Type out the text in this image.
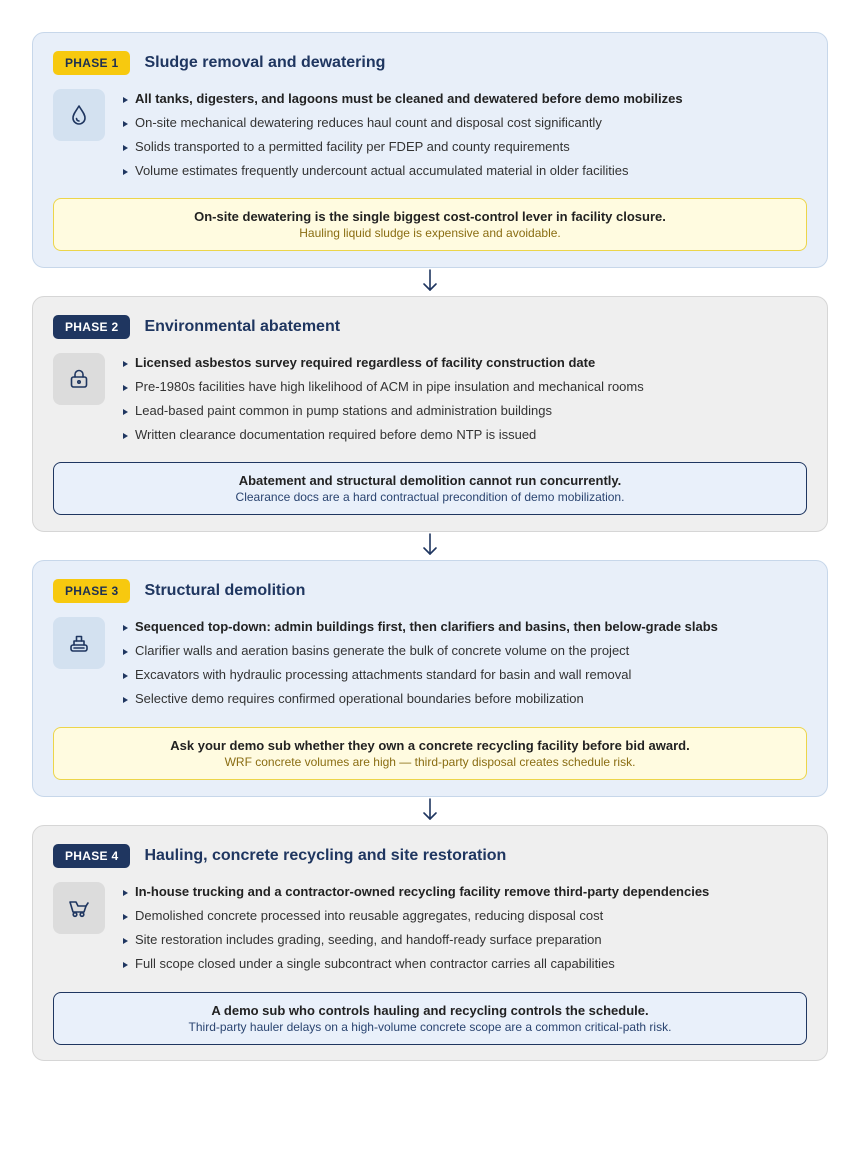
PHASE 1	Sludge removal and dewatering
All tanks, digesters, and lagoons must be cleaned and dewatered before demo mobilizes
On-site mechanical dewatering reduces haul count and disposal cost significantly
Solids transported to a permitted facility per FDEP and county requirements
Volume estimates frequently undercount actual accumulated material in older facilities
On-site dewatering is the single biggest cost-control lever in facility closure.
Hauling liquid sludge is expensive and avoidable.
PHASE 2	Environmental abatement
Licensed asbestos survey required regardless of facility construction date
Pre-1980s facilities have high likelihood of ACM in pipe insulation and mechanical rooms
Lead-based paint common in pump stations and administration buildings
Written clearance documentation required before demo NTP is issued
Abatement and structural demolition cannot run concurrently.
Clearance docs are a hard contractual precondition of demo mobilization.
PHASE 3	Structural demolition
Sequenced top-down: admin buildings first, then clarifiers and basins, then below-grade slabs
Clarifier walls and aeration basins generate the bulk of concrete volume on the project
Excavators with hydraulic processing attachments standard for basin and wall removal
Selective demo requires confirmed operational boundaries before mobilization
Ask your demo sub whether they own a concrete recycling facility before bid award.
WRF concrete volumes are high — third-party disposal creates schedule risk.
PHASE 4	Hauling, concrete recycling and site restoration
In-house trucking and a contractor-owned recycling facility remove third-party dependencies
Demolished concrete processed into reusable aggregates, reducing disposal cost
Site restoration includes grading, seeding, and handoff-ready surface preparation
Full scope closed under a single subcontract when contractor carries all capabilities
A demo sub who controls hauling and recycling controls the schedule.
Third-party hauler delays on a high-volume concrete scope are a common critical-path risk.
